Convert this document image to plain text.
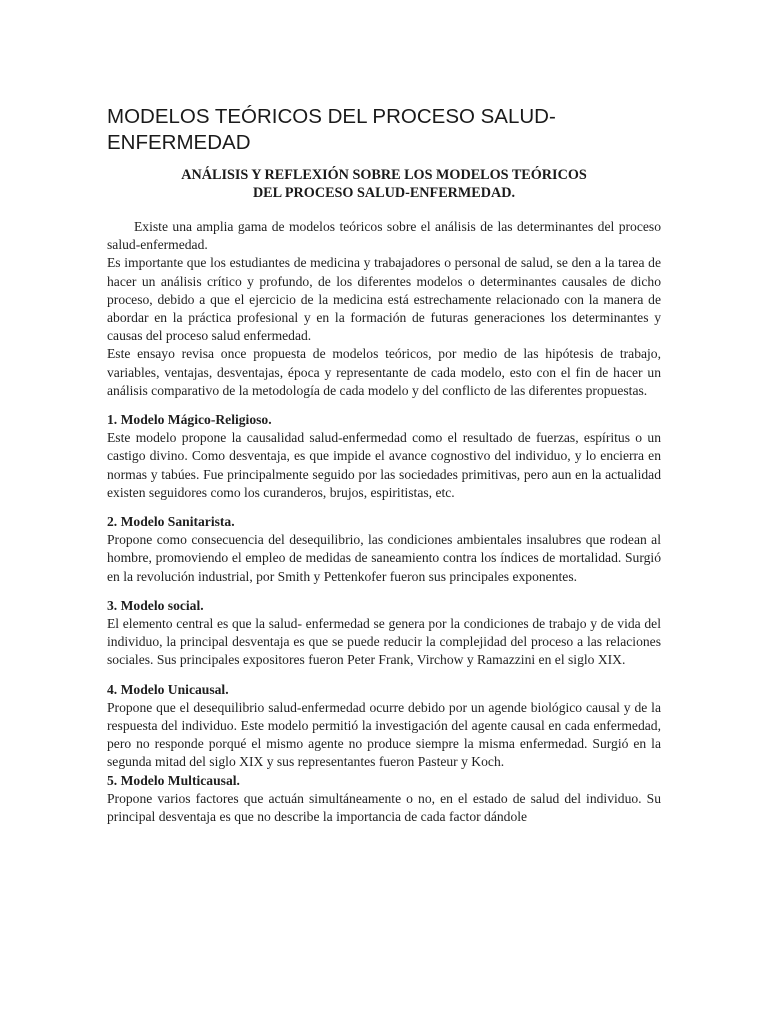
MODELOS TEÓRICOS DEL PROCESO SALUD-ENFERMEDAD
ANÁLISIS Y REFLEXIÓN SOBRE LOS MODELOS TEÓRICOS
DEL PROCESO SALUD-ENFERMEDAD.

Existe una amplia gama de modelos teóricos sobre el análisis de las determinantes del proceso salud-enfermedad.

Es importante que los estudiantes de medicina y trabajadores o personal de salud, se den a la tarea de hacer un análisis crítico y profundo, de los diferentes modelos o determinantes causales de dicho proceso, debido a que el ejercicio de la medicina está estrechamente relacionado con la manera de abordar en la práctica profesional y en la formación de futuras generaciones los determinantes y causas del proceso salud enfermedad.

Este ensayo revisa once propuesta de modelos teóricos, por medio de las hipótesis de trabajo, variables, ventajas, desventajas, época y representante de cada modelo, esto con el fin de hacer un análisis comparativo de la metodología de cada modelo y del conflicto de las diferentes propuestas.

1. Modelo Mágico-Religioso.

Este modelo propone la causalidad salud-enfermedad como el resultado de fuerzas, espíritus o un castigo divino. Como desventaja, es que impide el avance cognostivo del individuo, y lo encierra en normas y tabúes. Fue principalmente seguido por las sociedades primitivas, pero aun en la actualidad existen seguidores como los curanderos, brujos, espiritistas, etc.

2. Modelo Sanitarista.

Propone como consecuencia del desequilibrio, las condiciones ambientales insalubres que rodean al hombre, promoviendo el empleo de medidas de saneamiento contra los índices de mortalidad. Surgió en la revolución industrial, por Smith y Pettenkofer fueron sus principales exponentes.

3. Modelo social.

El elemento central es que la salud- enfermedad se genera por la condiciones de trabajo y de vida del individuo, la principal desventaja es que se puede reducir la complejidad del proceso a las relaciones sociales. Sus principales expositores fueron Peter Frank, Virchow y Ramazzini en el siglo XIX.

4. Modelo Unicausal.

Propone que el desequilibrio salud-enfermedad ocurre debido por un agende biológico causal y de la respuesta del individuo. Este modelo permitió la investigación del agente causal en cada enfermedad, pero no responde porqué el mismo agente no produce siempre la misma enfermedad. Surgió en la segunda mitad del siglo XIX y sus representantes fueron Pasteur y Koch.

5. Modelo Multicausal.

Propone varios factores que actuán simultáneamente o no, en el estado de salud del individuo. Su principal desventaja es que no describe la importancia de cada factor dándole
